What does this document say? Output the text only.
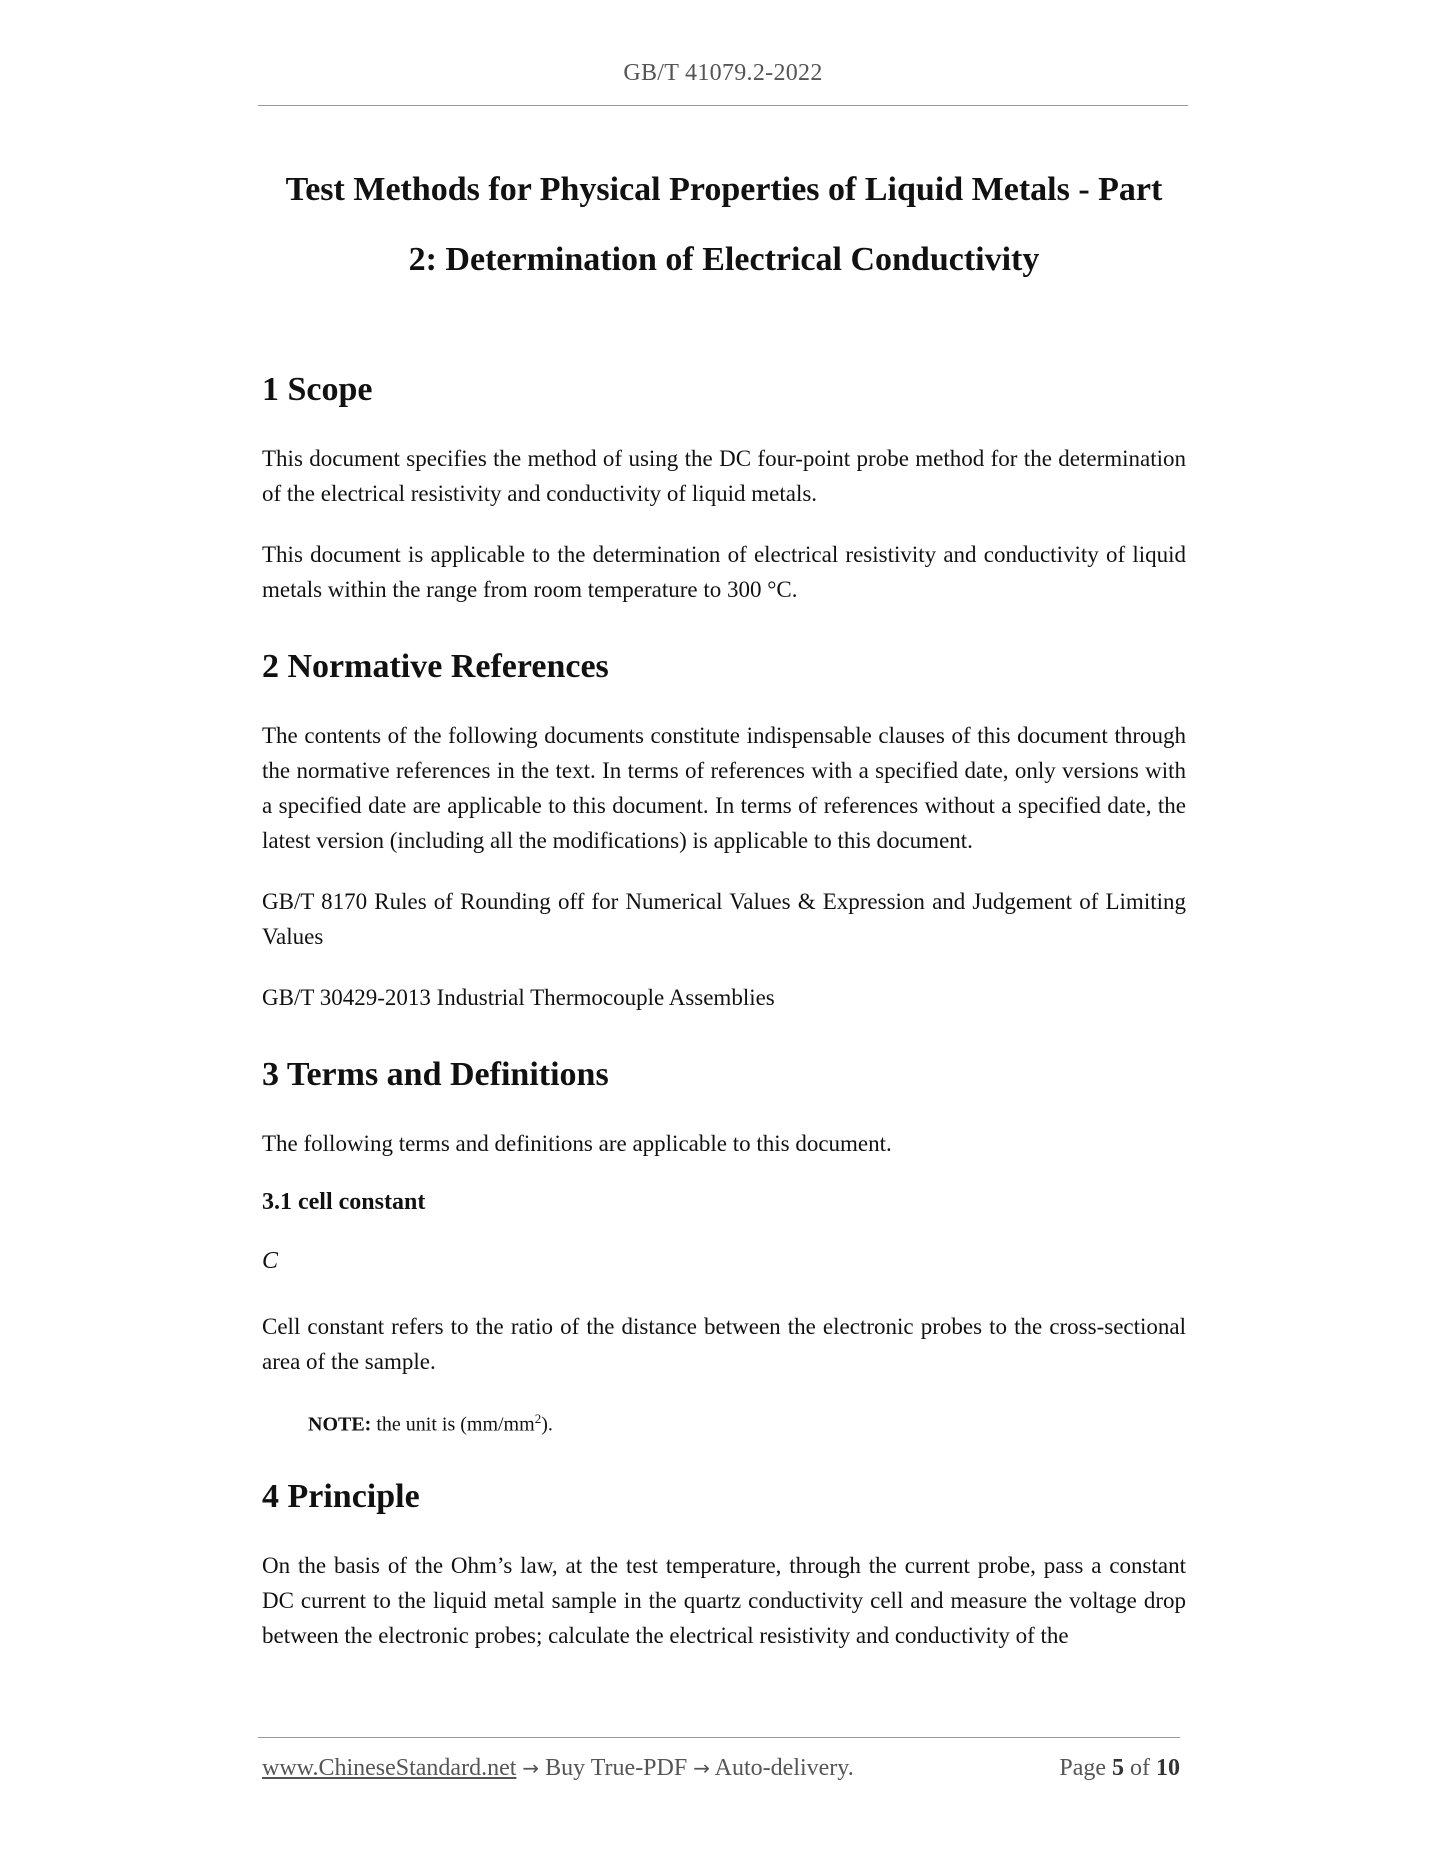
GB/T 41079.2-2022
Test Methods for Physical Properties of Liquid Metals - Part
2: Determination of Electrical Conductivity
1 Scope

This document specifies the method of using the DC four-point probe method for the determination of the electrical resistivity and conductivity of liquid metals.

This document is applicable to the determination of electrical resistivity and conductivity of liquid metals within the range from room temperature to 300 °C.

2 Normative References

The contents of the following documents constitute indispensable clauses of this document through the normative references in the text. In terms of references with a specified date, only versions with a specified date are applicable to this document. In terms of references without a specified date, the latest version (including all the modifications) is applicable to this document.

GB/T 8170 Rules of Rounding off for Numerical Values & Expression and Judgement of Limiting Values

GB/T 30429-2013 Industrial Thermocouple Assemblies

3 Terms and Definitions

The following terms and definitions are applicable to this document.

3.1 cell constant

C

Cell constant refers to the ratio of the distance between the electronic probes to the cross-sectional area of the sample.

NOTE: the unit is $(mm/mm^2)$.

4 Principle

On the basis of the Ohm’s law, at the test temperature, through the current probe, pass a constant DC current to the liquid metal sample in the quartz conductivity cell and measure the voltage drop between the electronic probes; calculate the electrical resistivity and conductivity of the

www.ChineseStandard.net → Buy True-PDF → Auto-delivery.	Page 5 of 10
